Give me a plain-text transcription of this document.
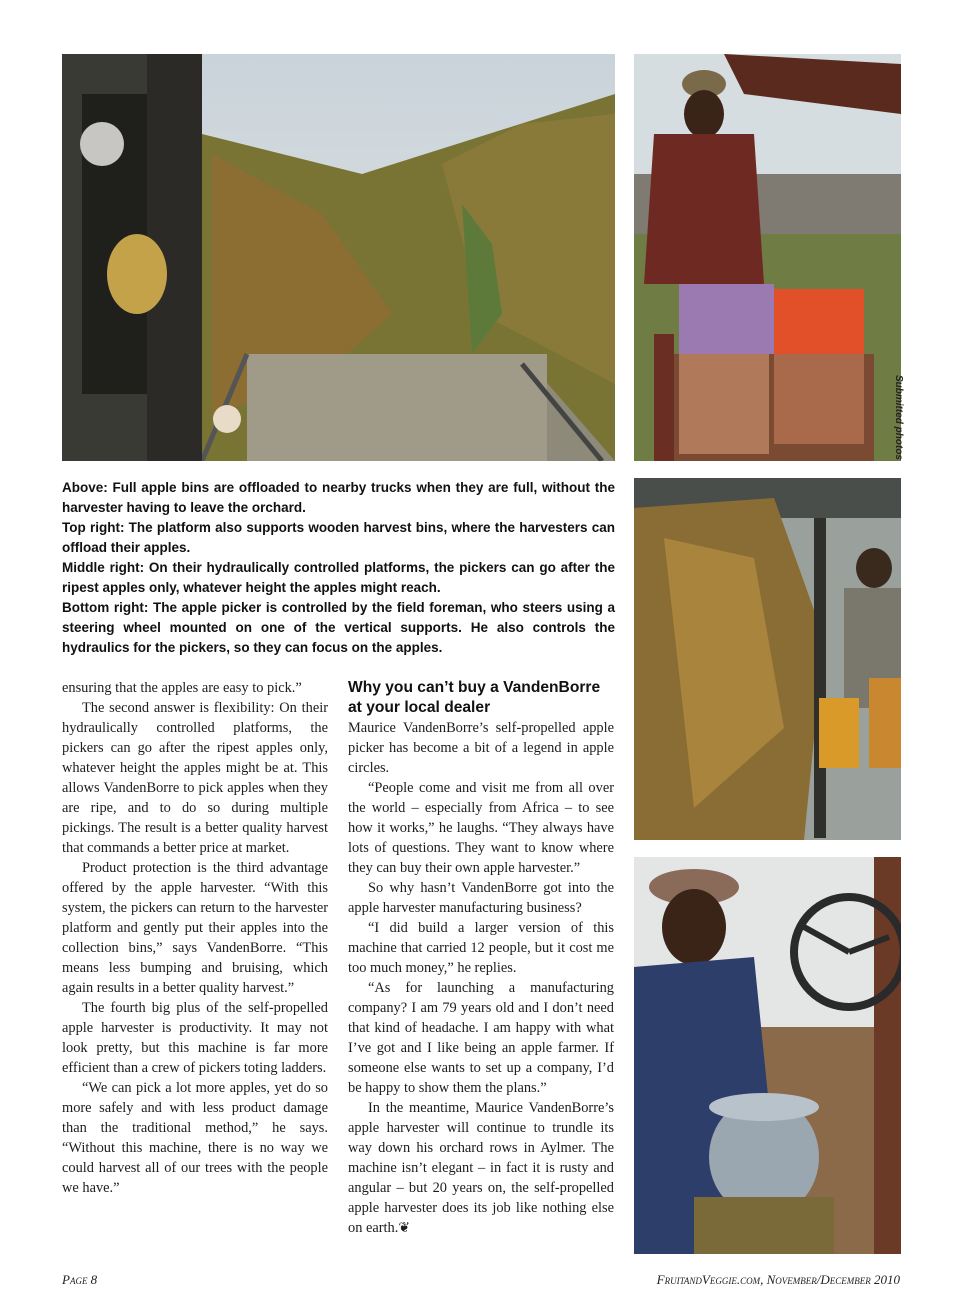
Submitted photos

Above: Full apple bins are offloaded to nearby trucks when they are full, without the harvester having to leave the orchard.

Top right: The platform also supports wooden harvest bins, where the harvesters can offload their apples.

Middle right: On their hydraulically controlled platforms, the pickers can go after the ripest apples only, whatever height the apples might reach.

Bottom right: The apple picker is controlled by the field foreman, who steers using a steering wheel mounted on one of the vertical supports. He also controls the hydraulics for the pickers, so they can focus on the apples.

ensuring that the apples are easy to pick.”

The second answer is flexibility: On their hydraulically controlled platforms, the pickers can go after the ripest apples only, whatever height the apples might be at. This allows VandenBorre to pick apples when they are ripe, and to do so during multiple pickings. The result is a better quality harvest that commands a better price at market.

Product protection is the third advantage offered by the apple harvester. “With this system, the pickers can return to the harvester platform and gently put their apples into the collection bins,” says VandenBorre. “This means less bumping and bruising, which again results in a better quality harvest.”

The fourth big plus of the self-propelled apple harvester is productivity. It may not look pretty, but this machine is far more efficient than a crew of pickers toting ladders.

“We can pick a lot more apples, yet do so more safely and with less product damage than the traditional method,” he says. “Without this machine, there is no way we could harvest all of our trees with the people we have.”

Why you can’t buy a VandenBorre at your local dealer

Maurice VandenBorre’s self-propelled apple picker has become a bit of a legend in apple circles.

“People come and visit me from all over the world – especially from Africa – to see how it works,” he laughs. “They always have lots of questions. They want to know where they can buy their own apple harvester.”

So why hasn’t VandenBorre got into the apple harvester manufacturing business?

“I did build a larger version of this machine that carried 12 people, but it cost me too much money,” he replies.

“As for launching a manufacturing company? I am 79 years old and I don’t need that kind of headache. I am happy with what I’ve got and I like being an apple farmer. If someone else wants to set up a company, I’d be happy to show them the plans.”

In the meantime, Maurice VandenBorre’s apple harvester will continue to trundle its way down his orchard rows in Aylmer. The machine isn’t elegant – in fact it is rusty and angular – but 20 years on, the self-propelled apple harvester does its job like nothing else on earth.❦

Page 8	FruitandVeggie.com, November/December 2010
